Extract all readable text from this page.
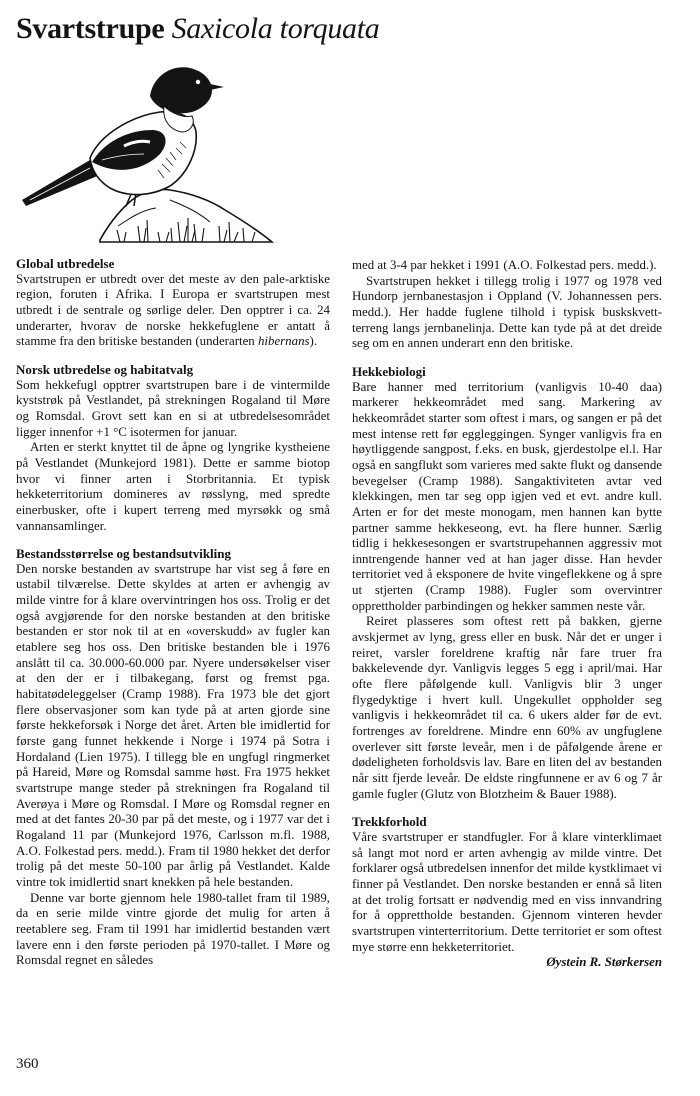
Svartstrupe Saxicola torquata
Global utbredelse

Svartstrupen er utbredt over det meste av den pale-arktiske region, foruten i Afrika. I Europa er svartstrupen mest utbredt i de sentrale og sørlige deler. Den opptrer i ca. 24 underarter, hvorav de norske hekkefuglene er antatt å stamme fra den britiske bestanden (underarten hibernans).

Norsk utbredelse og habitatvalg

Som hekkefugl opptrer svartstrupen bare i de vintermilde kyststrøk på Vestlandet, på strekningen Rogaland til Møre og Romsdal. Grovt sett kan en si at utbredelsesområdet ligger innenfor +1 °C isotermen for januar.

Arten er sterkt knyttet til de åpne og lyngrike kystheiene på Vestlandet (Munkejord 1981). Dette er samme biotop hvor vi finner arten i Storbritannia. Et typisk hekketerritorium domineres av røsslyng, med spredte einerbusker, ofte i kupert terreng med myrsøkk og små vannansamlinger.

Bestandsstørrelse og bestandsutvikling

Den norske bestanden av svartstrupe har vist seg å føre en ustabil tilværelse. Dette skyldes at arten er avhengig av milde vintre for å klare overvintringen hos oss. Trolig er det også avgjørende for den norske bestanden at den britiske bestanden er stor nok til at en «overskudd» av fugler kan etablere seg hos oss. Den britiske bestanden ble i 1976 anslått til ca. 30.000-60.000 par. Nyere undersøkelser viser at den der er i tilbakegang, først og fremst pga. habitatødeleggelser (Cramp 1988). Fra 1973 ble det gjort flere observasjoner som kan tyde på at arten gjorde sine første hekkeforsøk i Norge det året. Arten ble imidlertid for første gang funnet hekkende i Norge i 1974 på Sotra i Hordaland (Lien 1975). I tillegg ble en ungfugl ringmerket på Hareid, Møre og Romsdal samme høst. Fra 1975 hekket svartstrupe mange steder på strekningen fra Rogaland til Averøya i Møre og Romsdal. I Møre og Romsdal regner en med at det fantes 20-30 par på det meste, og i 1977 var det i Rogaland 11 par (Munkejord 1976, Carlsson m.fl. 1988, A.O. Folkestad pers. medd.). Fram til 1980 hekket det derfor trolig på det meste 50-100 par årlig på Vestlandet. Kalde vintre tok imidlertid snart knekken på hele bestanden.

Denne var borte gjennom hele 1980-tallet fram til 1989, da en serie milde vintre gjorde det mulig for arten å reetablere seg. Fram til 1991 har imidlertid bestanden vært lavere enn i den første perioden på 1970-tallet. I Møre og Romsdal regnet en således

med at 3-4 par hekket i 1991 (A.O. Folkestad pers. medd.).

Svartstrupen hekket i tillegg trolig i 1977 og 1978 ved Hundorp jernbanestasjon i Oppland (V. Johannessen pers. medd.). Her hadde fuglene tilhold i typisk buskskvett-terreng langs jernbanelinja. Dette kan tyde på at det dreide seg om en annen underart enn den britiske.

Hekkebiologi

Bare hanner med territorium (vanligvis 10-40 daa) markerer hekkeområdet med sang. Markering av hekkeområdet starter som oftest i mars, og sangen er på det mest intense rett før eggleggingen. Synger vanligvis fra en høytliggende sangpost, f.eks. en busk, gjerdestolpe el.l. Har også en sangflukt som varieres med sakte flukt og dansende bevegelser (Cramp 1988). Sangaktiviteten avtar ved klekkingen, men tar seg opp igjen ved et evt. andre kull. Arten er for det meste monogam, men hannen kan bytte partner samme hekkeseong, evt. ha flere hunner. Særlig tidlig i hekkesesongen er svartstrupehannen aggressiv mot inntrengende hanner ved at han jager disse. Han hevder territoriet ved å eksponere de hvite vingeflekkene og å spre ut stjerten (Cramp 1988). Fugler som overvintrer opprettholder parbindingen og hekker sammen neste vår.

Reiret plasseres som oftest rett på bakken, gjerne avskjermet av lyng, gress eller en busk. Når det er unger i reiret, varsler foreldrene kraftig når fare truer fra bakkelevende dyr. Vanligvis legges 5 egg i april/mai. Har ofte flere påfølgende kull. Vanligvis blir 3 unger flygedyktige i hvert kull. Ungekullet oppholder seg vanligvis i hekkeområdet til ca. 6 ukers alder før de evt. fortrenges av foreldrene. Mindre enn 60% av ungfuglene overlever sitt første leveår, men i de påfølgende årene er dødeligheten forholdsvis lav. Bare en liten del av bestanden når sitt fjerde leveår. De eldste ringfunnene er av 6 og 7 år gamle fugler (Glutz von Blotzheim & Bauer 1988).

Trekkforhold

Våre svartstruper er standfugler. For å klare vinterklimaet så langt mot nord er arten avhengig av milde vintre. Det forklarer også utbredelsen innenfor det milde kystklimaet vi finner på Vestlandet. Den norske bestanden er ennå så liten at det trolig fortsatt er nødvendig med en viss innvandring for å opprettholde bestanden. Gjennom vinteren hevder svartstrupen vinterterritorium. Dette territoriet er som oftest mye større enn hekketerritoriet.

Øystein R. Størkersen

360
